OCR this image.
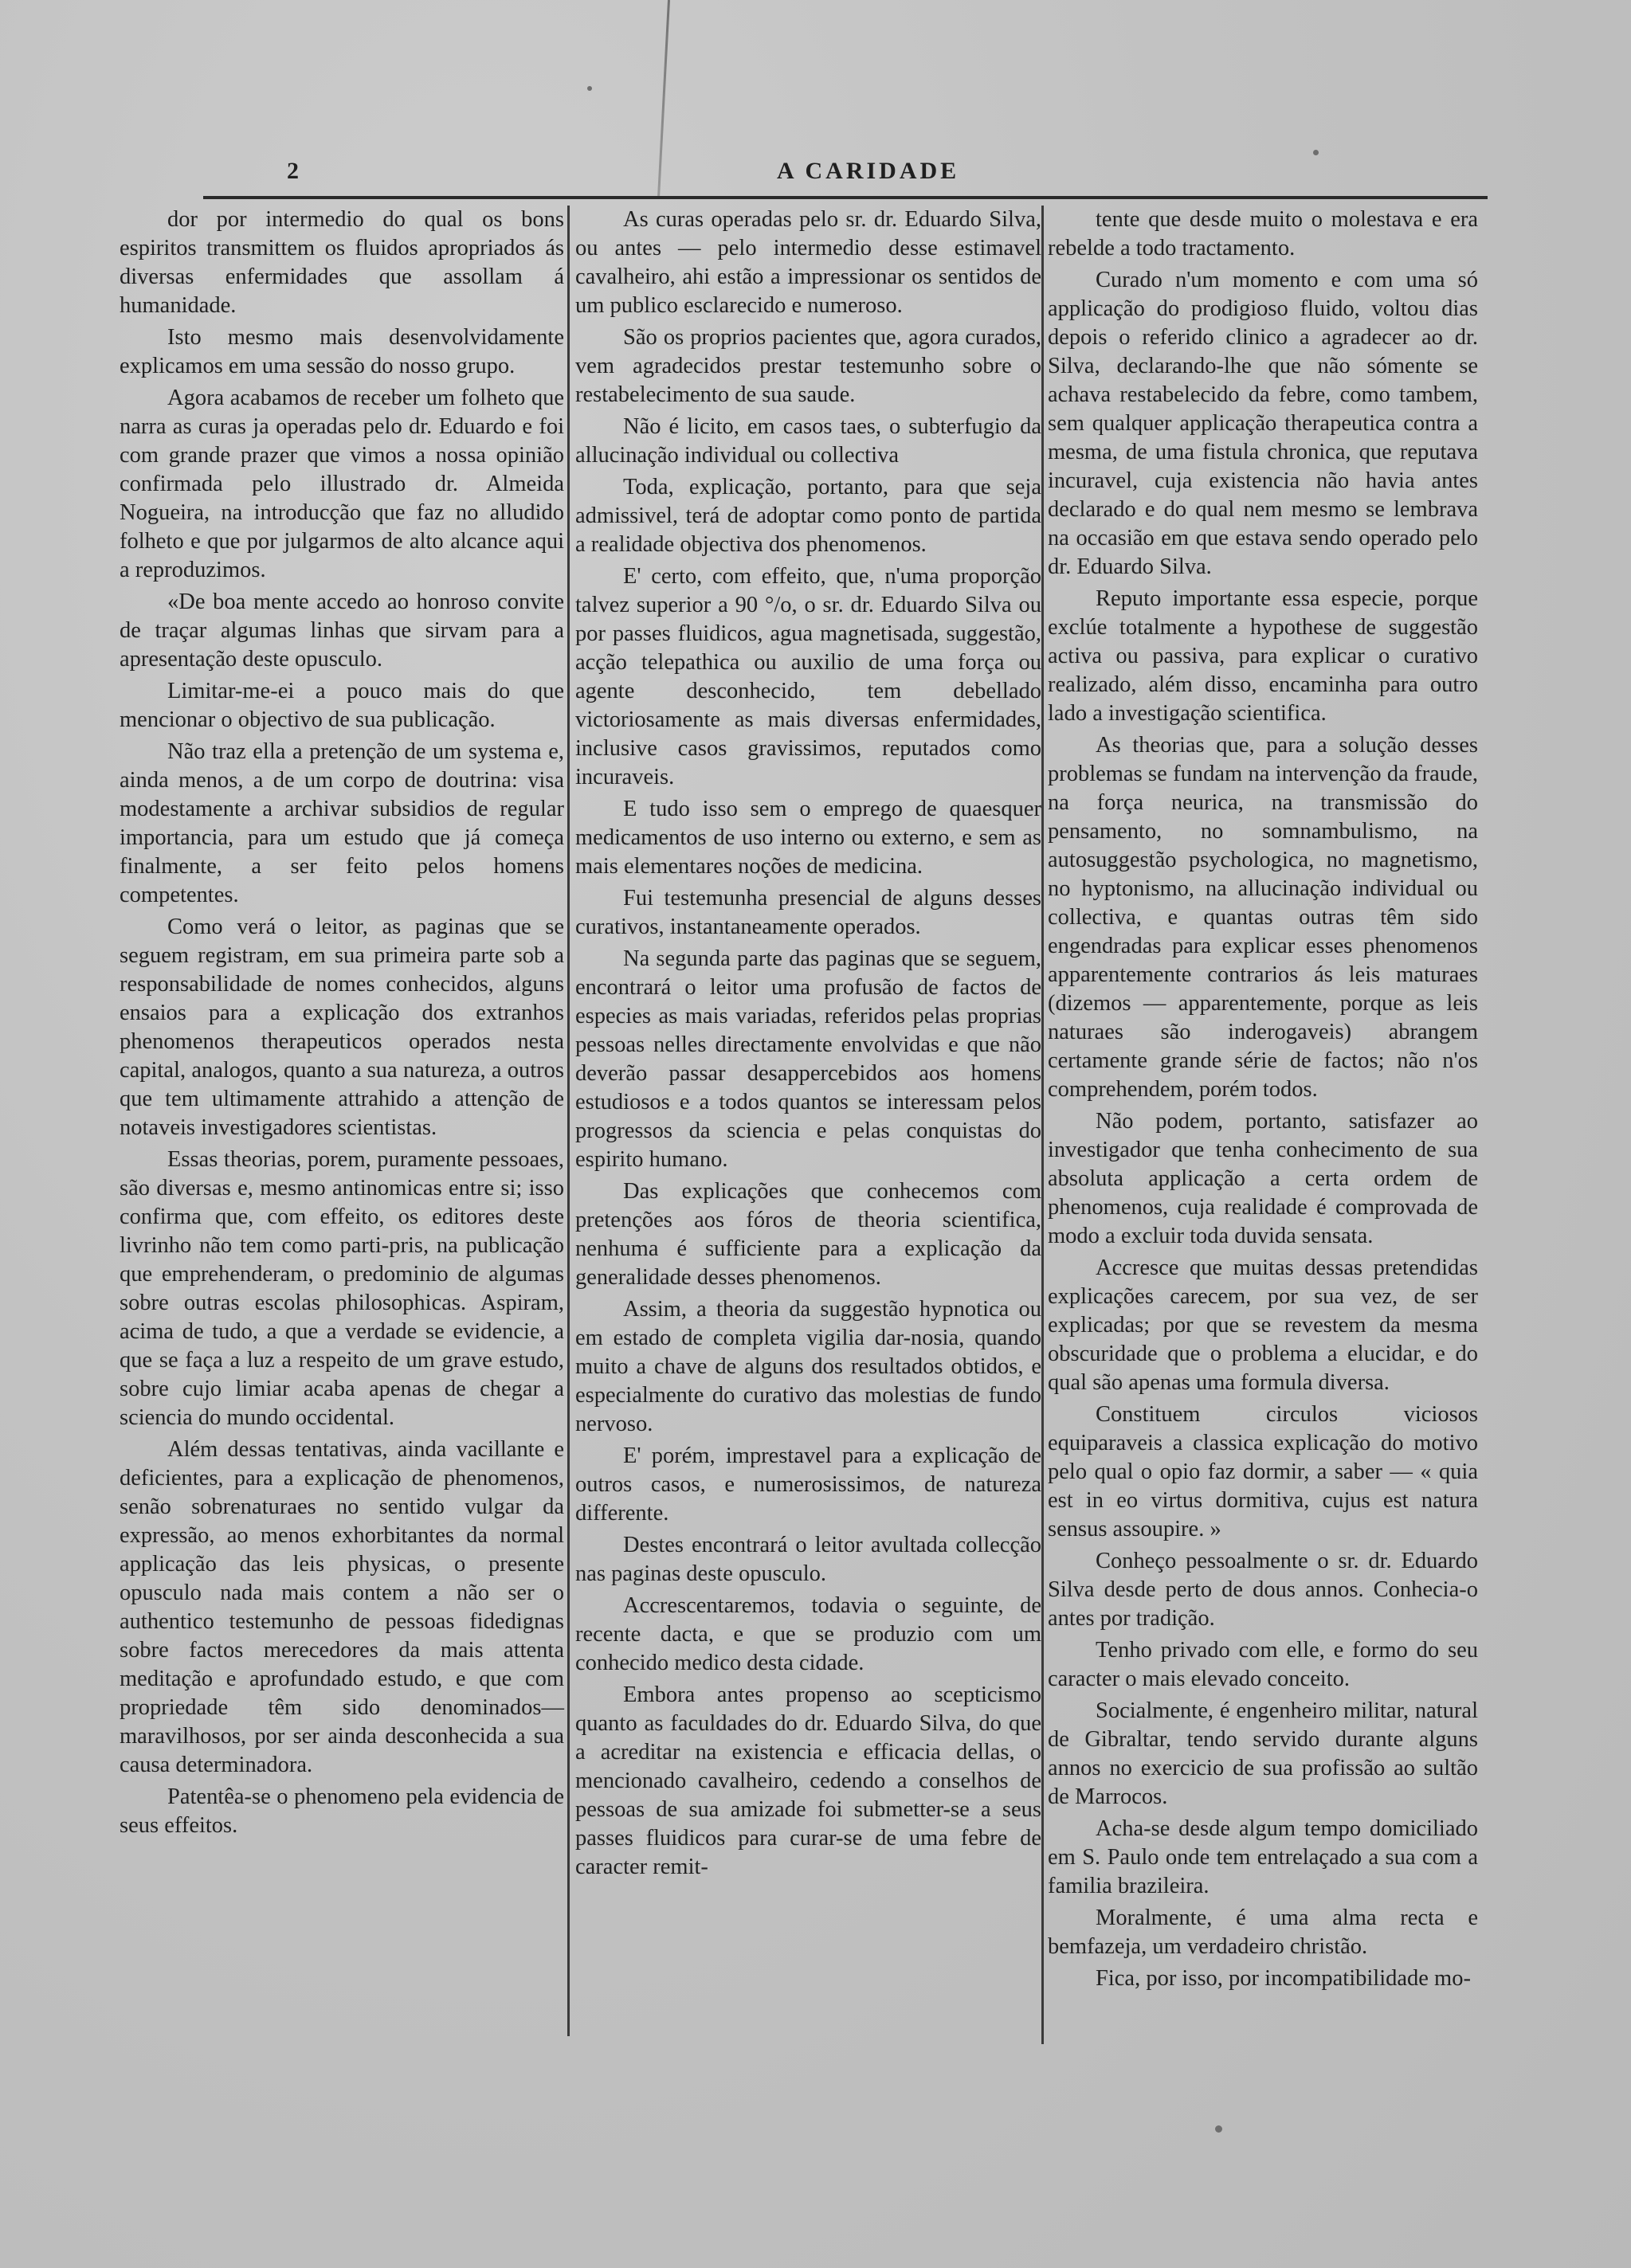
2	A CARIDADE

dor por intermedio do qual os bons espiritos transmittem os fluidos apropriados ás diversas enfermidades que assollam á humanidade.

Isto mesmo mais desenvolvidamente explicamos em uma sessão do nosso grupo.

Agora acabamos de receber um folheto que narra as curas ja operadas pelo dr. Eduardo e foi com grande prazer que vimos a nossa opinião confirmada pelo illustrado dr. Almeida Nogueira, na introducção que faz no alludido folheto e que por julgarmos de alto alcance aqui a reproduzimos.

«De boa mente accedo ao honroso convite de traçar algumas linhas que sirvam para a apresentação deste opusculo.

Limitar-me-ei a pouco mais do que mencionar o objectivo de sua publicação.

Não traz ella a pretenção de um systema e, ainda menos, a de um corpo de doutrina: visa modestamente a archivar subsidios de regular importancia, para um estudo que já começa finalmente, a ser feito pelos homens competentes.

Como verá o leitor, as paginas que se seguem registram, em sua primeira parte sob a responsabilidade de nomes conhecidos, alguns ensaios para a explicação dos extranhos phenomenos therapeuticos operados nesta capital, analogos, quanto a sua natureza, a outros que tem ultimamente attrahido a attenção de notaveis investigadores scientistas.

Essas theorias, porem, puramente pessoaes, são diversas e, mesmo antinomicas entre si; isso confirma que, com effeito, os editores deste livrinho não tem como parti-pris, na publicação que emprehenderam, o predominio de algumas sobre outras escolas philosophicas. Aspiram, acima de tudo, a que a verdade se evidencie, a que se faça a luz a respeito de um grave estudo, sobre cujo limiar acaba apenas de chegar a sciencia do mundo occidental.

Além dessas tentativas, ainda vacillante e deficientes, para a explicação de phenomenos, senão sobrenaturaes no sentido vulgar da expressão, ao menos exhorbitantes da normal applicação das leis physicas, o presente opusculo nada mais contem a não ser o authentico testemunho de pessoas fidedignas sobre factos merecedores da mais attenta meditação e aprofundado estudo, e que com propriedade têm sido denominados—maravilhosos, por ser ainda desconhecida a sua causa determinadora.

Patentêa-se o phenomeno pela evidencia de seus effeitos.

As curas operadas pelo sr. dr. Eduardo Silva, ou antes — pelo intermedio desse estimavel cavalheiro, ahi estão a impressionar os sentidos de um publico esclarecido e numeroso.

São os proprios pacientes que, agora curados, vem agradecidos prestar testemunho sobre o restabelecimento de sua saude.

Não é licito, em casos taes, o subterfugio da allucinação individual ou collectiva

Toda, explicação, portanto, para que seja admissivel, terá de adoptar como ponto de partida a realidade objectiva dos phenomenos.

E' certo, com effeito, que, n'uma proporção talvez superior a 90 °/o, o sr. dr. Eduardo Silva ou por passes fluidicos, agua magnetisada, suggestão, acção telepathica ou auxilio de uma força ou agente desconhecido, tem debellado victoriosamente as mais diversas enfermidades, inclusive casos gravissimos, reputados como incuraveis.

E tudo isso sem o emprego de quaesquer medicamentos de uso interno ou externo, e sem as mais elementares noções de medicina.

Fui testemunha presencial de alguns desses curativos, instantaneamente operados.

Na segunda parte das paginas que se seguem, encontrará o leitor uma profusão de factos de especies as mais variadas, referidos pelas proprias pessoas nelles directamente envolvidas e que não deverão passar desappercebidos aos homens estudiosos e a todos quantos se interessam pelos progressos da sciencia e pelas conquistas do espirito humano.

Das explicações que conhecemos com pretenções aos fóros de theoria scientifica, nenhuma é sufficiente para a explicação da generalidade desses phenomenos.

Assim, a theoria da suggestão hypnotica ou em estado de completa vigilia dar-nosia, quando muito a chave de alguns dos resultados obtidos, e especialmente do curativo das molestias de fundo nervoso.

E' porém, imprestavel para a explicação de outros casos, e numerosissimos, de natureza differente.

Destes encontrará o leitor avultada collecção nas paginas deste opusculo.

Accrescentaremos, todavia o seguinte, de recente dacta, e que se produzio com um conhecido medico desta cidade.

Embora antes propenso ao scepticismo quanto as faculdades do dr. Eduardo Silva, do que a acreditar na existencia e efficacia dellas, o mencionado cavalheiro, cedendo a conselhos de pessoas de sua amizade foi submetter-se a seus passes fluidicos para curar-se de uma febre de caracter remit-

tente que desde muito o molestava e era rebelde a todo tractamento.

Curado n'um momento e com uma só applicação do prodigioso fluido, voltou dias depois o referido clinico a agradecer ao dr. Silva, declarando-lhe que não sómente se achava restabelecido da febre, como tambem, sem qualquer applicação therapeutica contra a mesma, de uma fistula chronica, que reputava incuravel, cuja existencia não havia antes declarado e do qual nem mesmo se lembrava na occasião em que estava sendo operado pelo dr. Eduardo Silva.

Reputo importante essa especie, porque exclúe totalmente a hypothese de suggestão activa ou passiva, para explicar o curativo realizado, além disso, encaminha para outro lado a investigação scientifica.

As theorias que, para a solução desses problemas se fundam na intervenção da fraude, na força neurica, na transmissão do pensamento, no somnambulismo, na autosuggestão psychologica, no magnetismo, no hyptonismo, na allucinação individual ou collectiva, e quantas outras têm sido engendradas para explicar esses phenomenos apparentemente contrarios ás leis maturaes (dizemos — apparentemente, porque as leis naturaes são inderogaveis) abrangem certamente grande série de factos; não n'os comprehendem, porém todos.

Não podem, portanto, satisfazer ao investigador que tenha conhecimento de sua absoluta applicação a certa ordem de phenomenos, cuja realidade é comprovada de modo a excluir toda duvida sensata.

Accresce que muitas dessas pretendidas explicações carecem, por sua vez, de ser explicadas; por que se revestem da mesma obscuridade que o problema a elucidar, e do qual são apenas uma formula diversa.

Constituem circulos viciosos equiparaveis a classica explicação do motivo pelo qual o opio faz dormir, a saber — « quia est in eo virtus dormitiva, cujus est natura sensus assoupire. »

Conheço pessoalmente o sr. dr. Eduardo Silva desde perto de dous annos. Conhecia-o antes por tradição.

Tenho privado com elle, e formo do seu caracter o mais elevado conceito.

Socialmente, é engenheiro militar, natural de Gibraltar, tendo servido durante alguns annos no exercicio de sua profissão ao sultão de Marrocos.

Acha-se desde algum tempo domiciliado em S. Paulo onde tem entrelaçado a sua com a familia brazileira.

Moralmente, é uma alma recta e bemfazeja, um verdadeiro christão.

Fica, por isso, por incompatibilidade mo-
